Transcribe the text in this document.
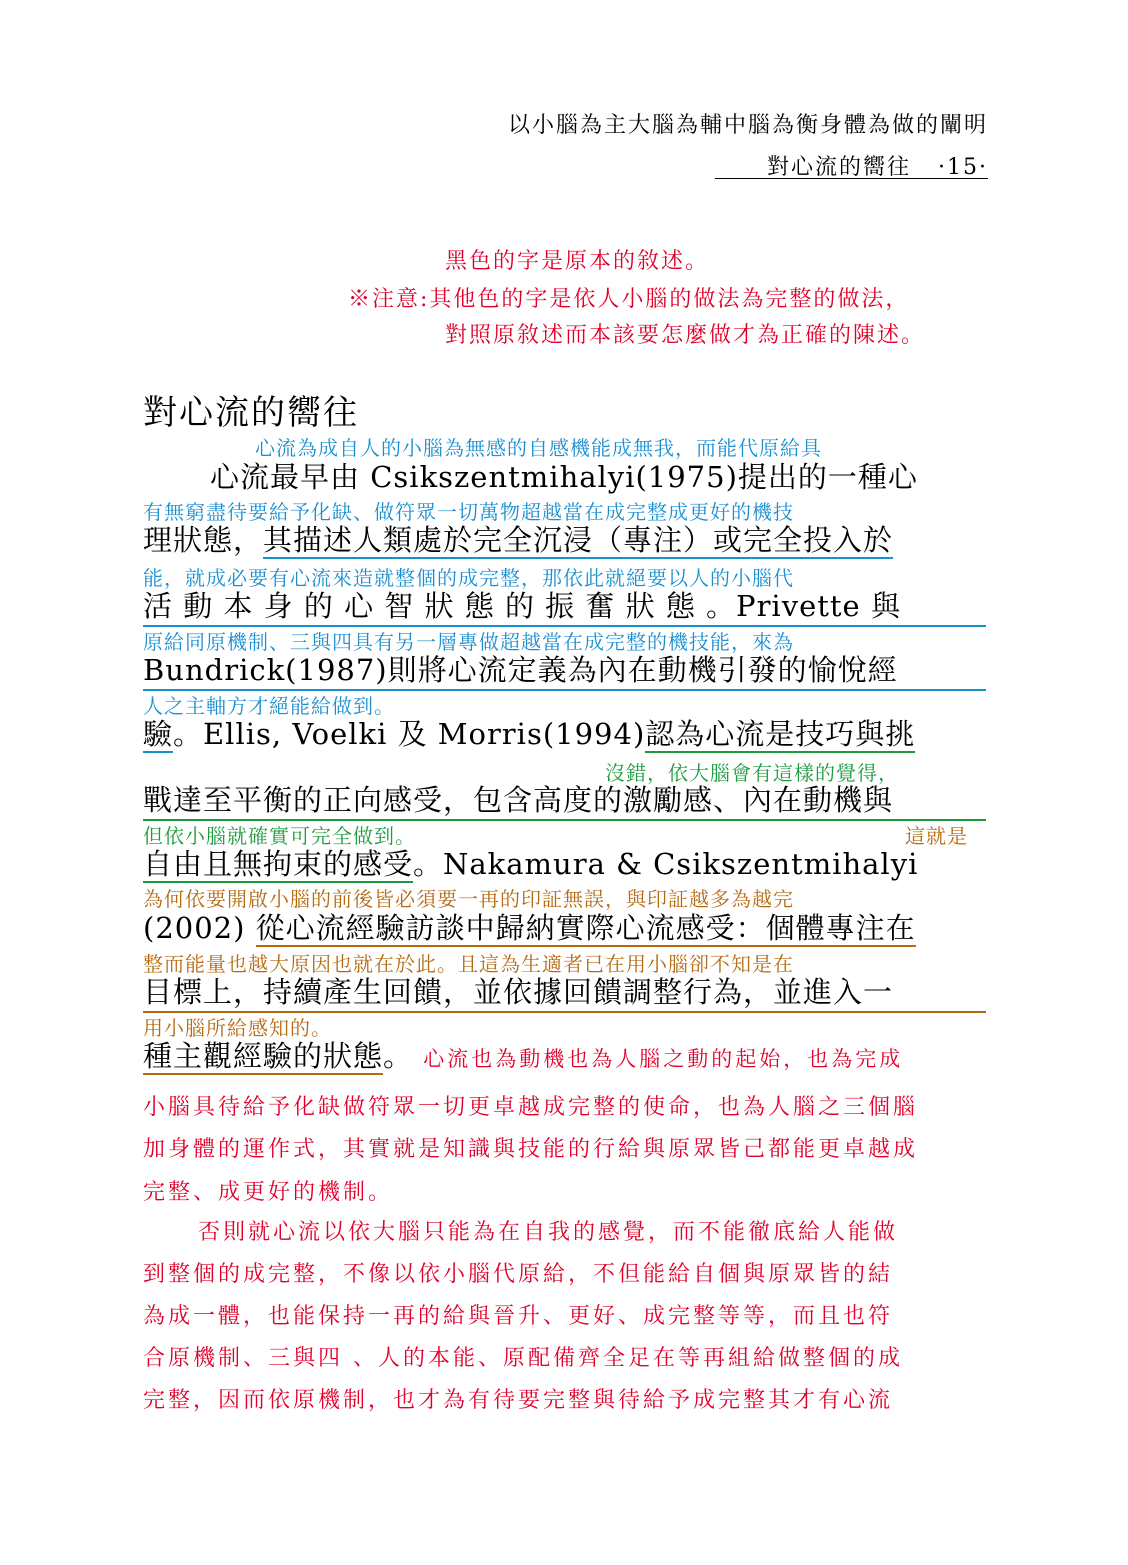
以小腦為主大腦為輔中腦為衡身體為做的闡明
對心流的嚮往 ·15·
黑色的字是原本的敘述。
※注意:其他色的字是依人小腦的做法為完整的做法，
對照原敘述而本該要怎麼做才為正確的陳述。
對心流的嚮往
心流為成自人的小腦為無感的自感機能成無我，而能代原給具
心流最早由 Csikszentmihalyi(1975)提出的一種心
有無窮盡待要給予化缺、做符眾一切萬物超越當在成完整成更好的機技
理狀態，其描述人類處於完全沉浸（專注）或完全投入於
能，就成必要有心流來造就整個的成完整，那依此就絕要以人的小腦代
活 動 本 身 的 心 智 狀 態 的 振 奮 狀 態 。Privette 與
原給同原機制、三與四具有另一層專做超越當在成完整的機技能，來為
Bundrick(1987)則將心流定義為內在動機引發的愉悅經
人之主軸方才絕能給做到。
驗。Ellis, Voelki 及 Morris(1994)認為心流是技巧與挑
沒錯，依大腦會有這樣的覺得，
戰達至平衡的正向感受，包含高度的激勵感、內在動機與
但依小腦就確實可完全做到。	這就是
自由且無拘束的感受。Nakamura & Csikszentmihalyi
為何依要開啟小腦的前後皆必須要一再的印証無誤，與印証越多為越完
(2002) 從心流經驗訪談中歸納實際心流感受：個體專注在
整而能量也越大原因也就在於此。且這為生適者已在用小腦卻不知是在
目標上，持續產生回饋，並依據回饋調整行為，並進入一
用小腦所給感知的。
種主觀經驗的狀態。 心流也為動機也為人腦之動的起始，也為完成
小腦具待給予化缺做符眾一切更卓越成完整的使命，也為人腦之三個腦
加身體的運作式，其實就是知識與技能的行給與原眾皆己都能更卓越成
完整、成更好的機制。
否則就心流以依大腦只能為在自我的感覺，而不能徹底給人能做
到整個的成完整，不像以依小腦代原給，不但能給自個與原眾皆的結
為成一體，也能保持一再的給與晉升、更好、成完整等等，而且也符
合原機制、三與四 、人的本能、原配備齊全足在等再組給做整個的成
完整，因而依原機制，也才為有待要完整與待給予成完整其才有心流
